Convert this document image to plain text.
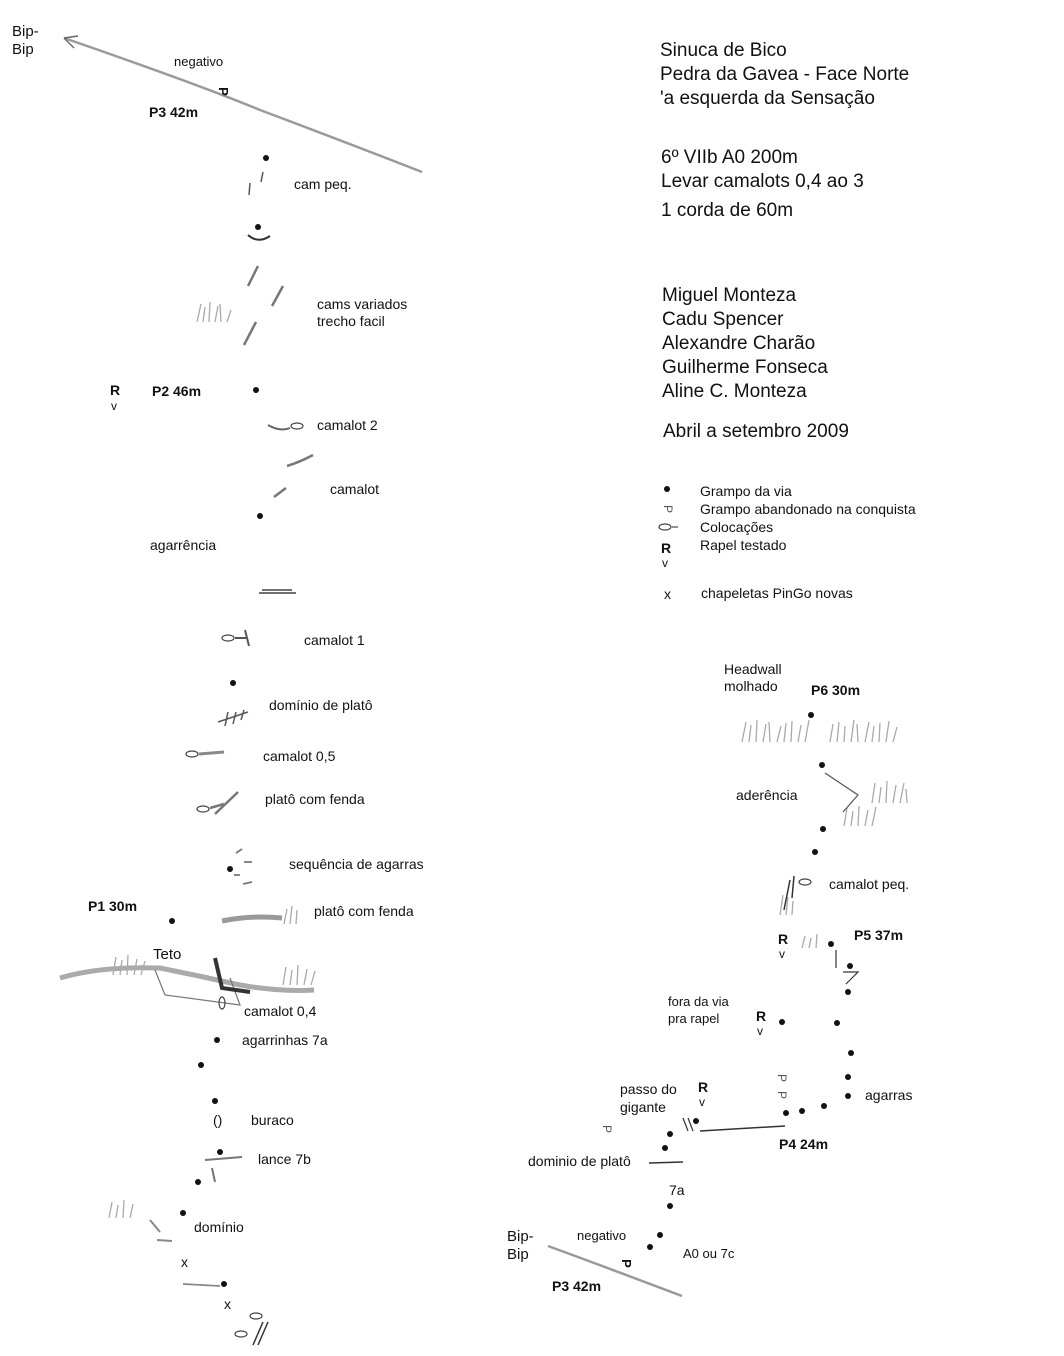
Sinuca de Bico
Pedra da Gavea - Face Norte
'a esquerda da Sensação
6º VIIb A0 200m
Levar camalots 0,4 ao 3
1 corda de 60m
Miguel Monteza
Cadu Spencer
Alexandre Charão
Guilherme Fonseca
Aline C. Monteza
Abril a setembro 2009
Grampo da via
P Grampo abandonado na conquista
Colocações
R
v
Rapel testado
x chapeletas PinGo novas
Bip-
Bip
negativo
P
P3 42m
cam peq.
cams variados
trecho facil
R
v
P2 46m
camalot 2
camalot
agarrência
camalot 1
domínio de platô
camalot 0,5
platô com fenda
sequência de agarras
P1 30m	platô com fenda
Teto
camalot 0,4
agarrinhas 7a
() buraco
lance 7b
domínio
x
x
Headwall
molhado P6 30m
aderência
camalot peq.
R
v
P5 37m
fora da via
pra rapel	R
v
P
P	agarras
passo do
gigante
R
v
P
P4 24m
dominio de platô
7a
Bip-
Bip
negativo
A0 ou 7c
P
P3 42m
